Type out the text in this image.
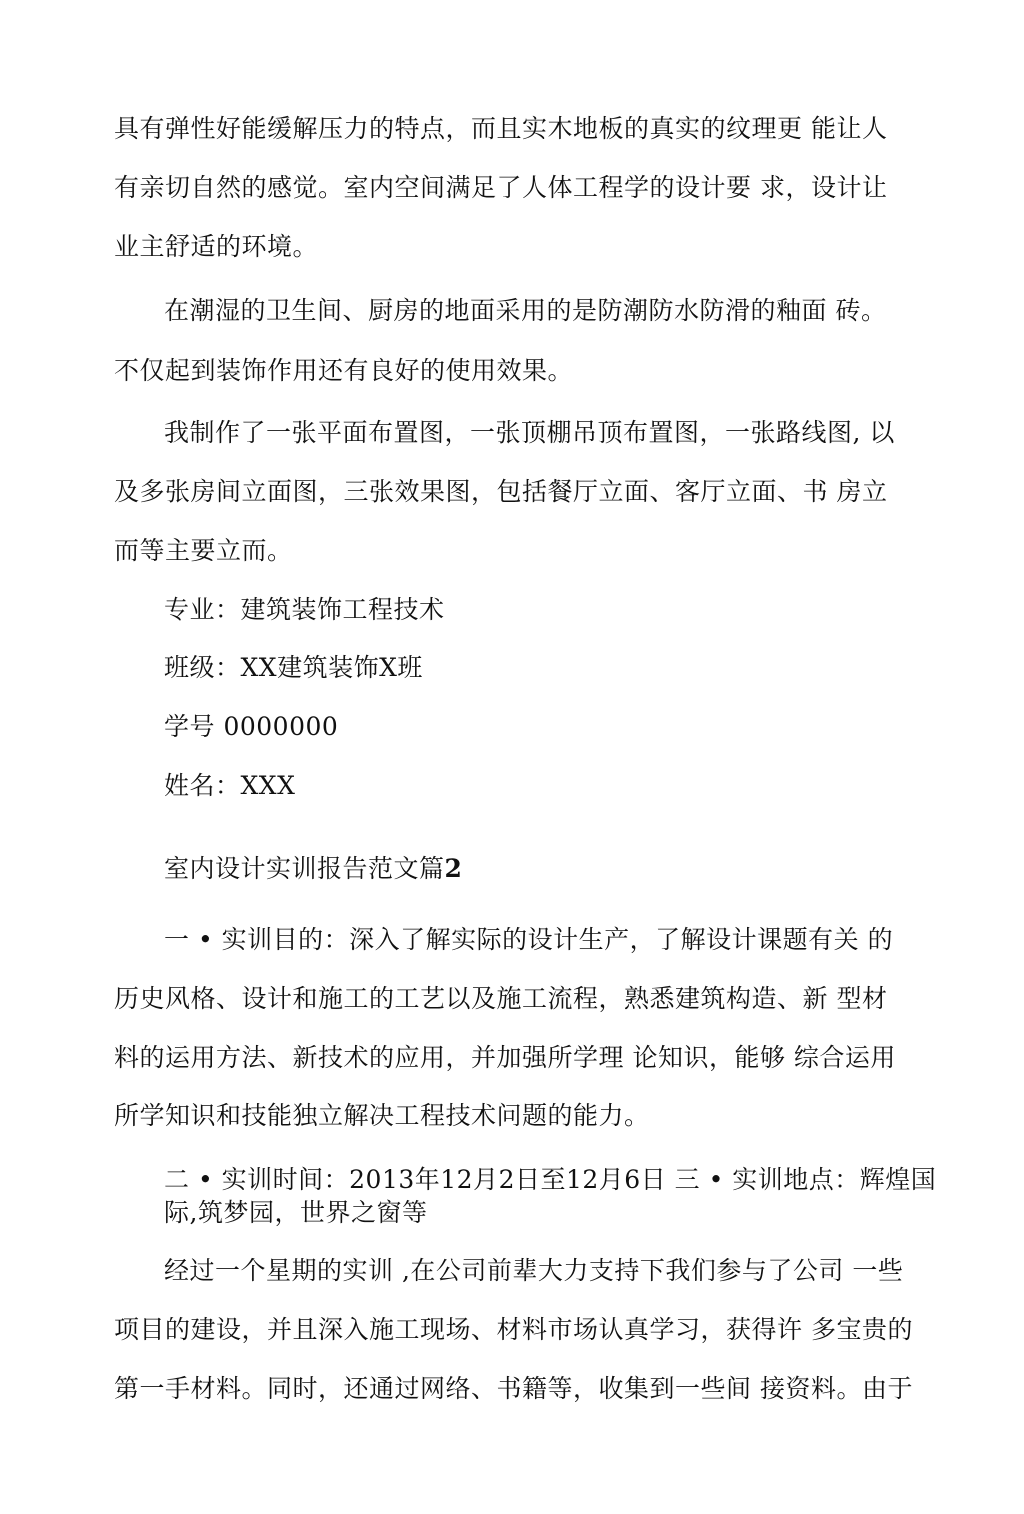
具有弹性好能缓解压力的特点，而且实木地板的真实的纹理更 能让人
有亲切自然的感觉。室内空间满足了人体工程学的设计要 求，设计让
业主舒适的环境。
在潮湿的卫生间、厨房的地面采用的是防潮防水防滑的釉面 砖。
不仅起到装饰作用还有良好的使用效果。
我制作了一张平面布置图，一张顶棚吊顶布置图，一张路线图, 以
及多张房间立面图，三张效果图，包括餐厅立面、客厅立面、书 房立
而等主要立而。
专业：建筑装饰工程技术
班级：XX建筑装饰X班
学号 0000000
姓名：XXX
室内设计实训报告范文篇2
一 • 实训目的：深入了解实际的设计生产，了解设计课题有关 的
历史风格、设计和施工的工艺以及施工流程，熟悉建筑构造、新 型材
料的运用方法、新技术的应用，并加强所学理 论知识，能够 综合运用
所学知识和技能独立解决工程技术问题的能力。
二 • 实训时间：2013年12月2日至12月6日 三 • 实训地点：辉煌国
际,筑梦园，世界之窗等
经过一个星期的实训 ,在公司前辈大力支持下我们参与了公司 一些
项目的建设，并且深入施工现场、材料市场认真学习，获得许 多宝贵的
第一手材料。同时，还通过网络、书籍等，收集到一些间 接资料。由于
